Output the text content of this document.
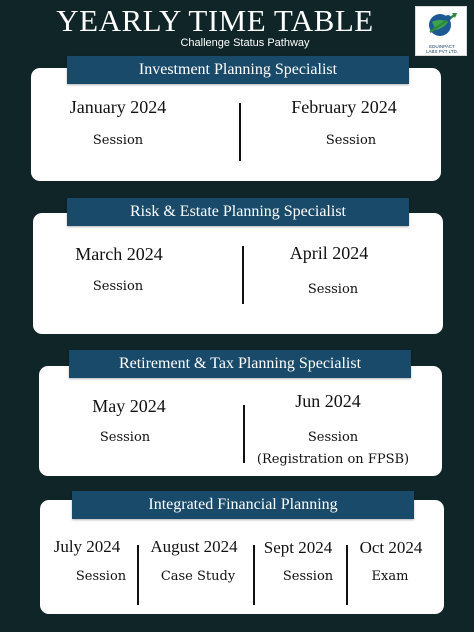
YEARLY TIME TABLE
Challenge Status Pathway	EDUINPACT
LABS PVT LTD.
Investment Planning Specialist
January 2024
Session
February 2024
Session
Risk & Estate Planning Specialist
March 2024
Session
April 2024
Session
Retirement & Tax Planning Specialist
May 2024
Session
Jun 2024
Session
(Registration on FPSB)
Integrated Financial Planning
July 2024
Session
August 2024
Case Study
Sept 2024
Session
Oct 2024
Exam
